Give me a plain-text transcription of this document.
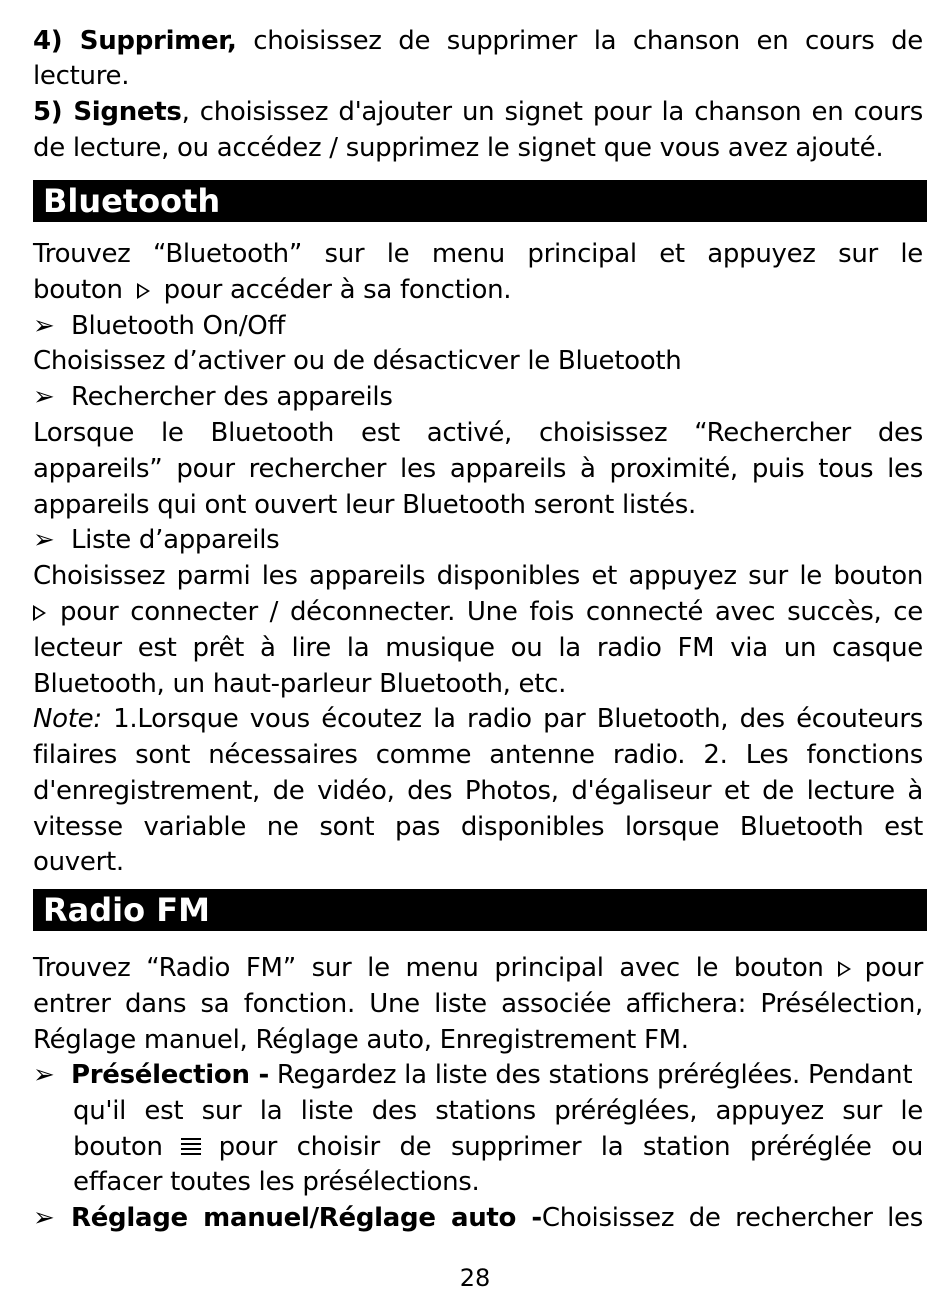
4) Supprimer, choisissez de supprimer la chanson en cours de
lecture.
5) Signets, choisissez d'ajouter un signet pour la chanson en cours
de lecture, ou accédez / supprimez le signet que vous avez ajouté.
Bluetooth
Trouvez “Bluetooth” sur le menu principal et appuyez sur le
bouton pour accéder à sa fonction.
➢ Bluetooth On/Off
Choisissez d’activer ou de désacticver le Bluetooth
➢ Rechercher des appareils
Lorsque le Bluetooth est activé, choisissez “Rechercher des
appareils” pour rechercher les appareils à proximité, puis tous les
appareils qui ont ouvert leur Bluetooth seront listés.
➢ Liste d’appareils
Choisissez parmi les appareils disponibles et appuyez sur le bouton
pour connecter / déconnecter. Une fois connecté avec succès, ce
lecteur est prêt à lire la musique ou la radio FM via un casque
Bluetooth, un haut-parleur Bluetooth, etc.
Note: 1.Lorsque vous écoutez la radio par Bluetooth, des écouteurs
filaires sont nécessaires comme antenne radio. 2. Les fonctions
d'enregistrement, de vidéo, des Photos, d'égaliseur et de lecture à
vitesse variable ne sont pas disponibles lorsque Bluetooth est
ouvert.
Radio FM
Trouvez “Radio FM” sur le menu principal avec le bouton pour
entrer dans sa fonction. Une liste associée affichera: Présélection,
Réglage manuel, Réglage auto, Enregistrement FM.
➢ Présélection - Regardez la liste des stations préréglées. Pendant
qu'il est sur la liste des stations préréglées, appuyez sur le
bouton pour choisir de supprimer la station préréglée ou
effacer toutes les présélections.
➢ Réglage manuel/Réglage auto -Choisissez de rechercher les
28
